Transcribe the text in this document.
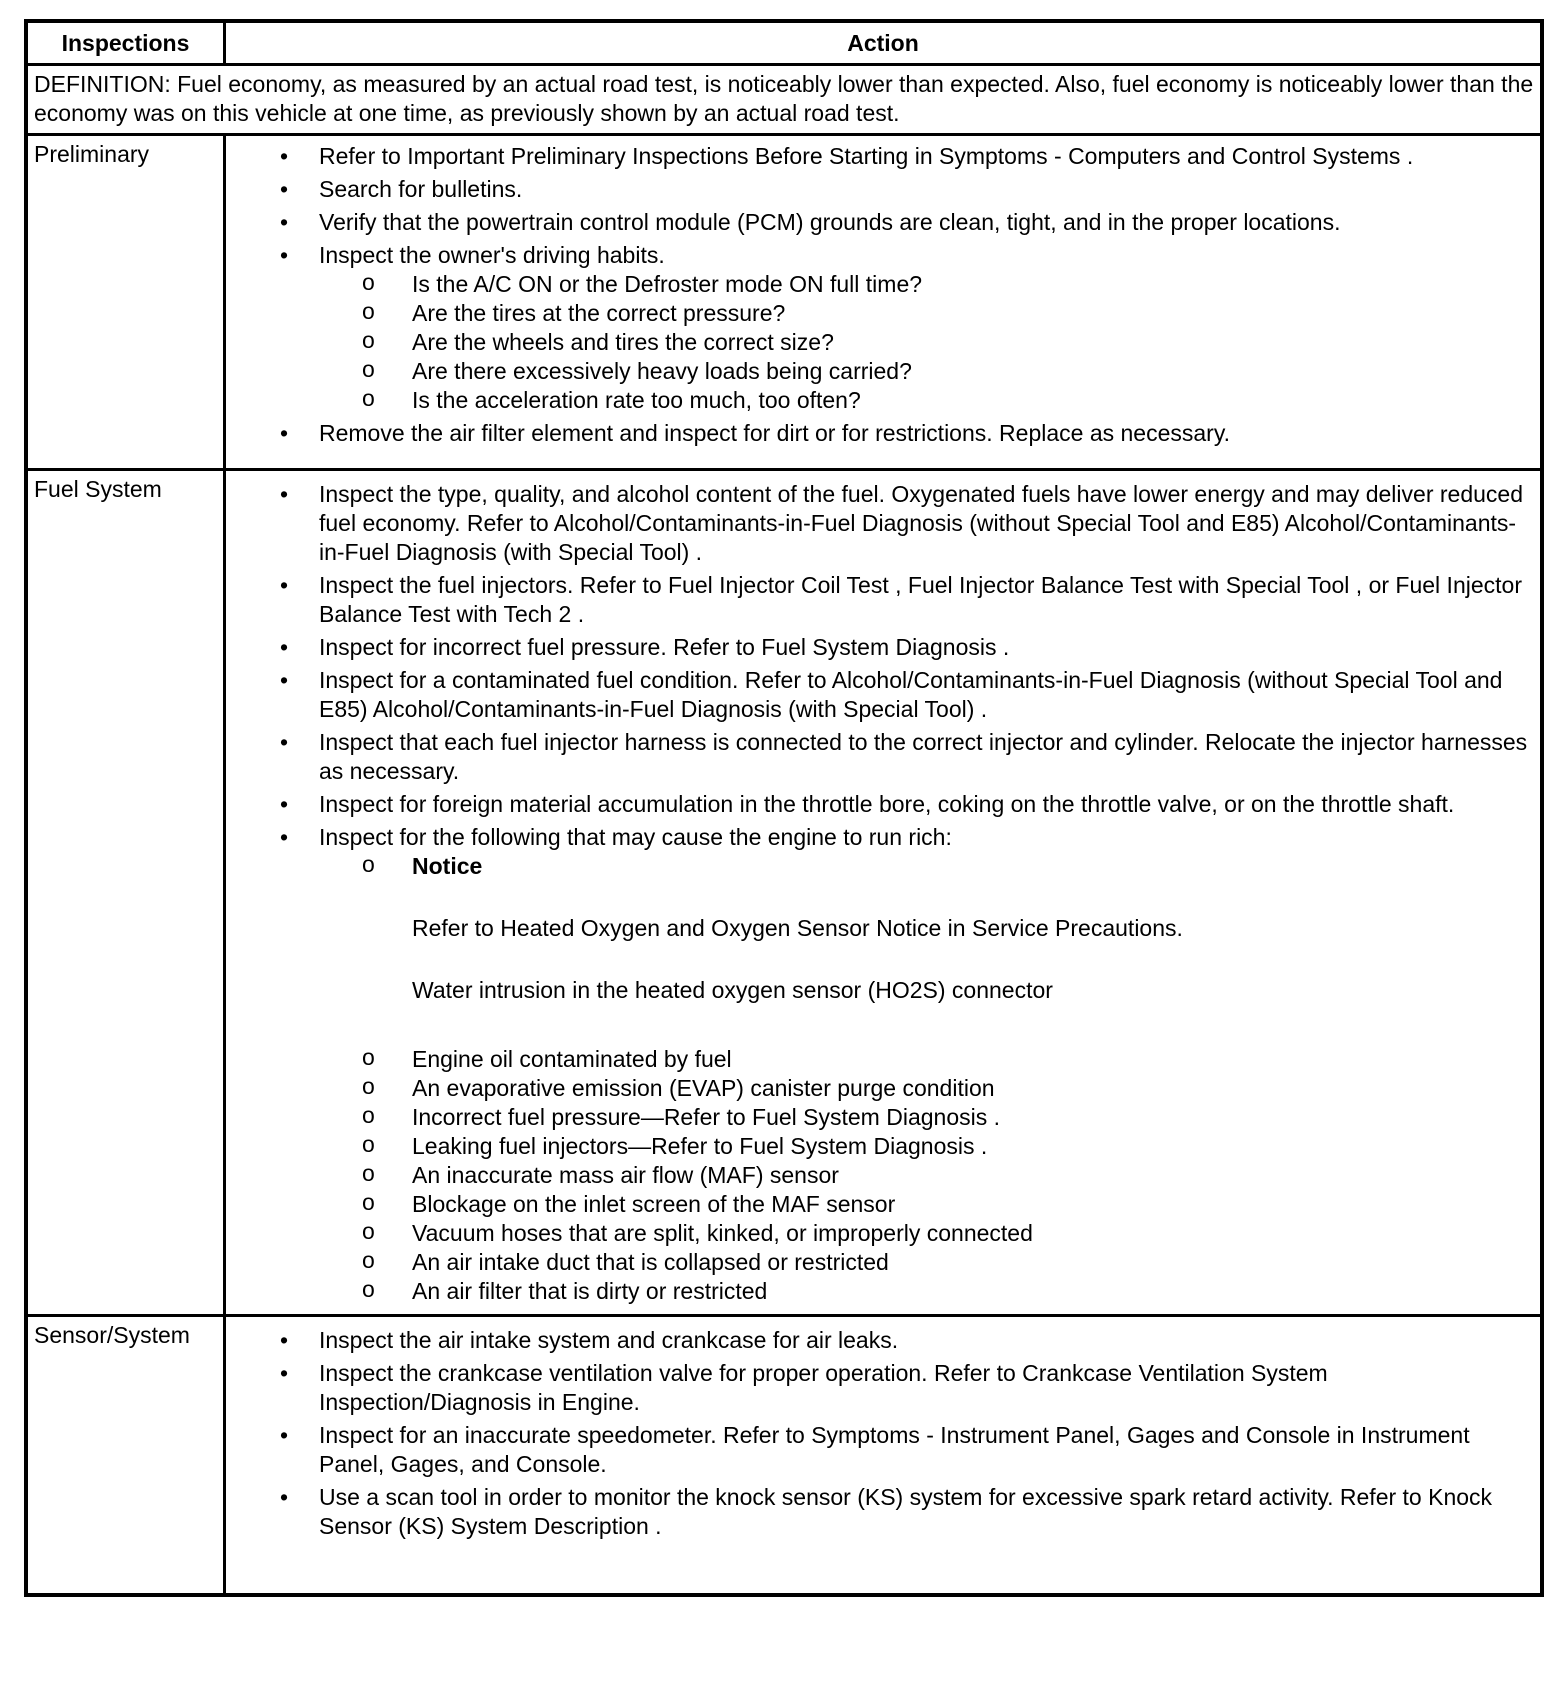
Inspections	Action
DEFINITION: Fuel economy, as measured by an actual road test, is noticeably lower than expected. Also, fuel economy is noticeably lower than the economy was on this vehicle at one time, as previously shown by an actual road test.
Preliminary	• Refer to Important Preliminary Inspections Before Starting in Symptoms - Computers and Control Systems .
• Search for bulletins.
• Verify that the powertrain control module (PCM) grounds are clean, tight, and in the proper locations.
• Inspect the owner's driving habits.
o Is the A/C ON or the Defroster mode ON full time?
o Are the tires at the correct pressure?
o Are the wheels and tires the correct size?
o Are there excessively heavy loads being carried?
o Is the acceleration rate too much, too often?
• Remove the air filter element and inspect for dirt or for restrictions. Replace as necessary.
Fuel System	• Inspect the type, quality, and alcohol content of the fuel. Oxygenated fuels have lower energy and may deliver reduced fuel economy. Refer to Alcohol/Contaminants-in-Fuel Diagnosis (without Special Tool and E85) Alcohol/Contaminants-in-Fuel Diagnosis (with Special Tool) .
• Inspect the fuel injectors. Refer to Fuel Injector Coil Test , Fuel Injector Balance Test with Special Tool , or Fuel Injector Balance Test with Tech 2 .
• Inspect for incorrect fuel pressure. Refer to Fuel System Diagnosis .
• Inspect for a contaminated fuel condition. Refer to Alcohol/Contaminants-in-Fuel Diagnosis (without Special Tool and E85) Alcohol/Contaminants-in-Fuel Diagnosis (with Special Tool) .
• Inspect that each fuel injector harness is connected to the correct injector and cylinder. Relocate the injector harnesses as necessary.
• Inspect for foreign material accumulation in the throttle bore, coking on the throttle valve, or on the throttle shaft.
• Inspect for the following that may cause the engine to run rich:
o Notice
Refer to Heated Oxygen and Oxygen Sensor Notice in Service Precautions.
Water intrusion in the heated oxygen sensor (HO2S) connector
o Engine oil contaminated by fuel
o An evaporative emission (EVAP) canister purge condition
o Incorrect fuel pressure—Refer to Fuel System Diagnosis .
o Leaking fuel injectors—Refer to Fuel System Diagnosis .
o An inaccurate mass air flow (MAF) sensor
o Blockage on the inlet screen of the MAF sensor
o Vacuum hoses that are split, kinked, or improperly connected
o An air intake duct that is collapsed or restricted
o An air filter that is dirty or restricted
Sensor/System	• Inspect the air intake system and crankcase for air leaks.
• Inspect the crankcase ventilation valve for proper operation. Refer to Crankcase Ventilation System Inspection/Diagnosis in Engine.
• Inspect for an inaccurate speedometer. Refer to Symptoms - Instrument Panel, Gages and Console in Instrument Panel, Gages, and Console.
• Use a scan tool in order to monitor the knock sensor (KS) system for excessive spark retard activity. Refer to Knock Sensor (KS) System Description .
